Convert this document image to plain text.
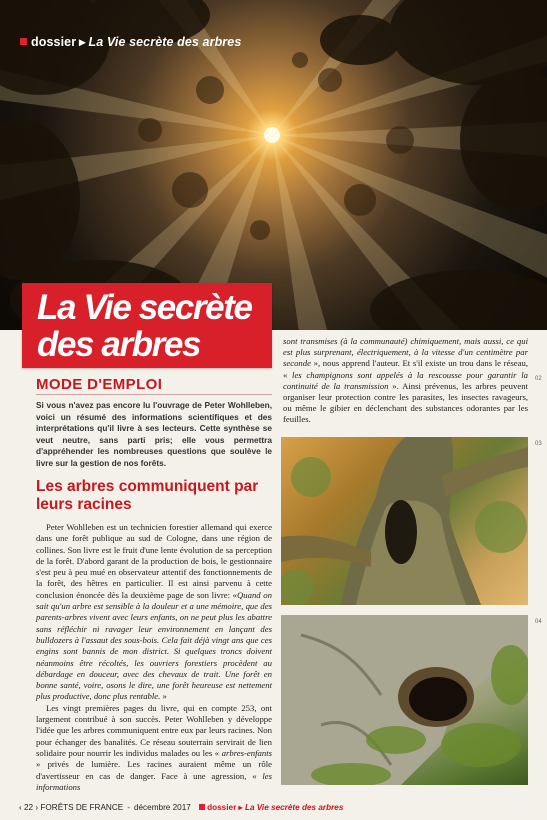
dossier ▸ La Vie secrète des arbres
La Vie secrète
des arbres
MODE D'EMPLOI
Si vous n'avez pas encore lu l'ouvrage de Peter Wohlleben, voici un résumé des informations scientifiques et des interprétations qu'il livre à ses lecteurs. Cette synthèse se veut neutre, sans parti pris; elle vous permettra d'appréhender les nombreuses questions que soulève le livre sur la gestion de nos forêts.
Les arbres communiquent par leurs racines

Peter Wohlleben est un technicien forestier allemand qui exerce dans une forêt publique au sud de Cologne, dans une région de collines. Son livre est le fruit d'une lente évolution de sa perception de la forêt. D'abord garant de la production de bois, le gestionnaire s'est peu à peu mué en observateur attentif des fonctionnements de la forêt, des hêtres en particulier. Il est ainsi parvenu à cette conclusion énoncée dès la deuxième page de son livre: «Quand on sait qu'un arbre est sensible à la douleur et a une mémoire, que des parents-arbres vivent avec leurs enfants, on ne peut plus les abattre sans réfléchir ni ravager leur environnement en lançant des bulldozers à l'assaut des sous-bois. Cela fait déjà vingt ans que ces engins sont bannis de mon district. Si quelques troncs doivent néanmoins être récoltés, les ouvriers forestiers procèdent au débardage en douceur, avec des chevaux de trait. Une forêt en bonne santé, voire, osons le dire, une forêt heureuse est nettement plus productive, donc plus rentable. »

Les vingt premières pages du livre, qui en compte 253, ont largement contribué à son succès. Peter Wohlleben y développe l'idée que les arbres communiquent entre eux par leurs racines. Non pour échanger des banalités. Ce réseau souterrain servirait de lien solidaire pour nourrir les individus malades ou les « arbres-enfants » privés de lumière. Les racines auraient même un rôle d'avertisseur en cas de danger. Face à une agression, « les informations

sont transmises (à la communauté) chimiquement, mais aussi, ce qui est plus surprenant, électriquement, à la vitesse d'un centimètre par seconde », nous apprend l'auteur. Et s'il existe un trou dans le réseau, « les champignons sont appelés à la rescousse pour garantir la continuité de la transmission ». Ainsi prévenus, les arbres peuvent organiser leur protection contre les parasites, les insectes ravageurs, ou même le gibier en déclenchant des substances odorantes par les feuilles.
02
03
04
‹ 22 › FORÊTS DE FRANCE - décembre 2017 dossier ▸ La Vie secrète des arbres
